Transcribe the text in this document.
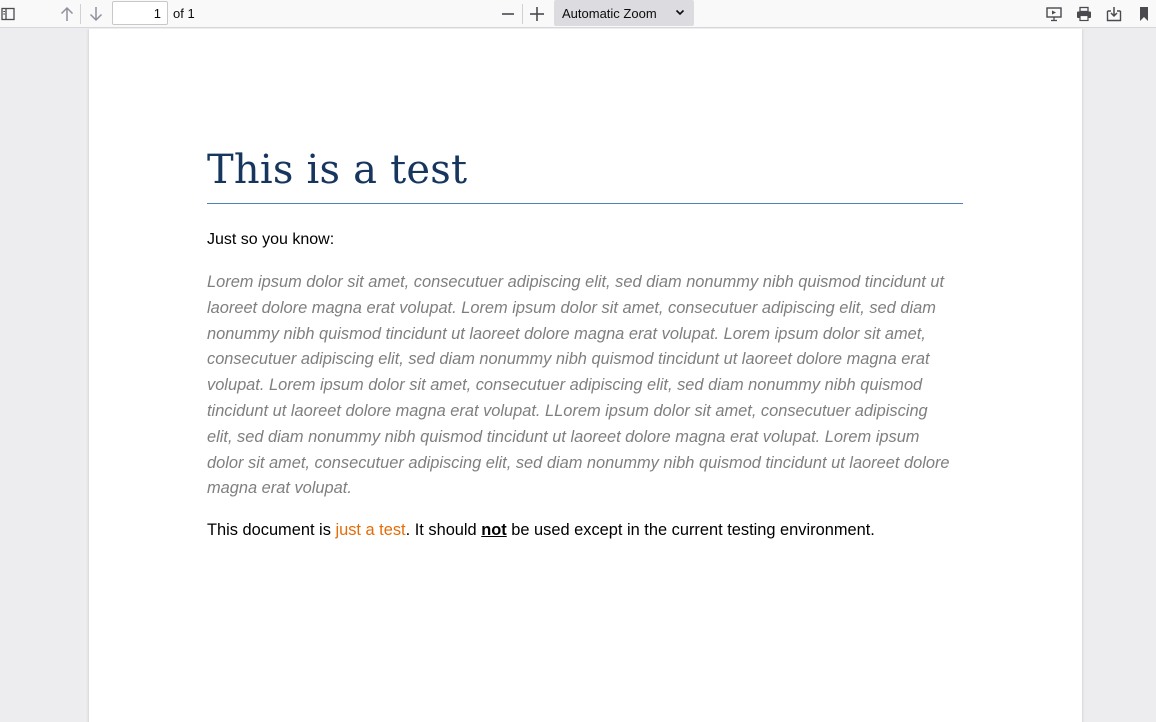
1
of 1	Automatic Zoom
This is a test

Just so you know:

Lorem ipsum dolor sit amet, consecutuer adipiscing elit, sed diam nonummy nibh quismod tincidunt ut laoreet dolore magna erat volupat. Lorem ipsum dolor sit amet, consecutuer adipiscing elit, sed diam nonummy nibh quismod tincidunt ut laoreet dolore magna erat volupat. Lorem ipsum dolor sit amet, consecutuer adipiscing elit, sed diam nonummy nibh quismod tincidunt ut laoreet dolore magna erat volupat. Lorem ipsum dolor sit amet, consecutuer adipiscing elit, sed diam nonummy nibh quismod tincidunt ut laoreet dolore magna erat volupat. LLorem ipsum dolor sit amet, consecutuer adipiscing elit, sed diam nonummy nibh quismod tincidunt ut laoreet dolore magna erat volupat. Lorem ipsum dolor sit amet, consecutuer adipiscing elit, sed diam nonummy nibh quismod tincidunt ut laoreet dolore magna erat volupat.

This document is just a test. It should not be used except in the current testing environment.
